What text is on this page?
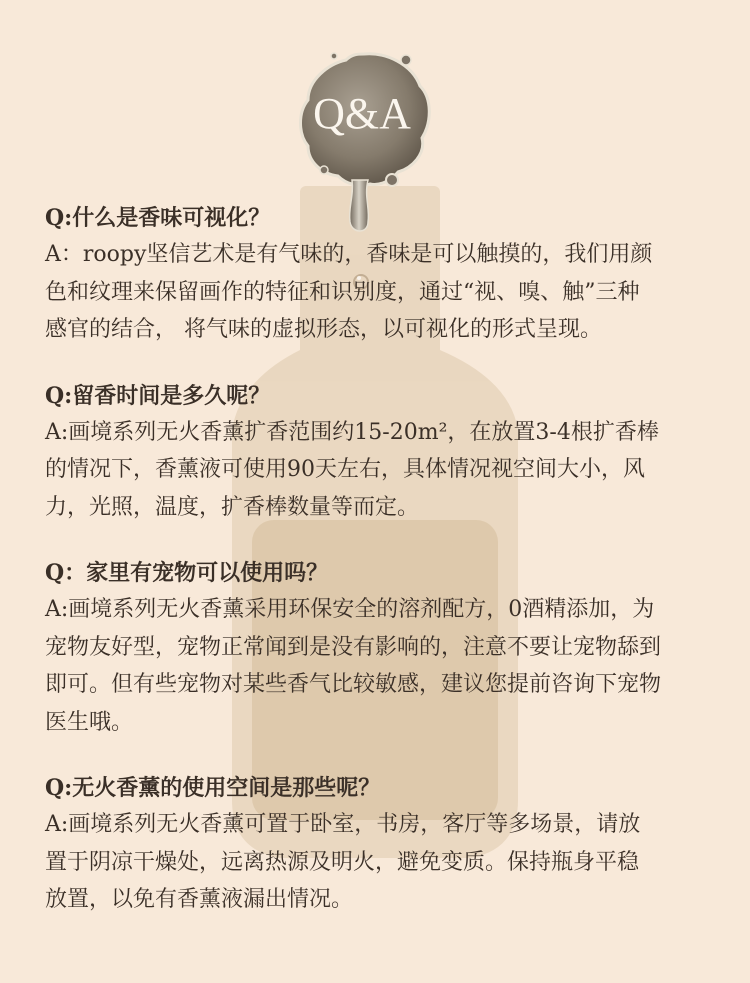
Q&A

Q:什么是香味可视化？

A：roopy坚信艺术是有气味的，香味是可以触摸的，我们用颜
色和纹理来保留画作的特征和识别度，通过“视、嗅、触”三种
感官的结合， 将气味的虚拟形态，以可视化的形式呈现。

Q:留香时间是多久呢？

A:画境系列无火香薰扩香范围约15-20m²，在放置3-4根扩香棒
的情况下，香薰液可使用90天左右，具体情况视空间大小，风
力，光照，温度，扩香棒数量等而定。

Q：家里有宠物可以使用吗？

A:画境系列无火香薰采用环保安全的溶剂配方，0酒精添加，为
宠物友好型，宠物正常闻到是没有影响的，注意不要让宠物舔到
即可。但有些宠物对某些香气比较敏感，建议您提前咨询下宠物
医生哦。

Q:无火香薰的使用空间是那些呢？

A:画境系列无火香薰可置于卧室，书房，客厅等多场景，请放
置于阴凉干燥处，远离热源及明火，避免变质。保持瓶身平稳
放置，以免有香薰液漏出情况。
